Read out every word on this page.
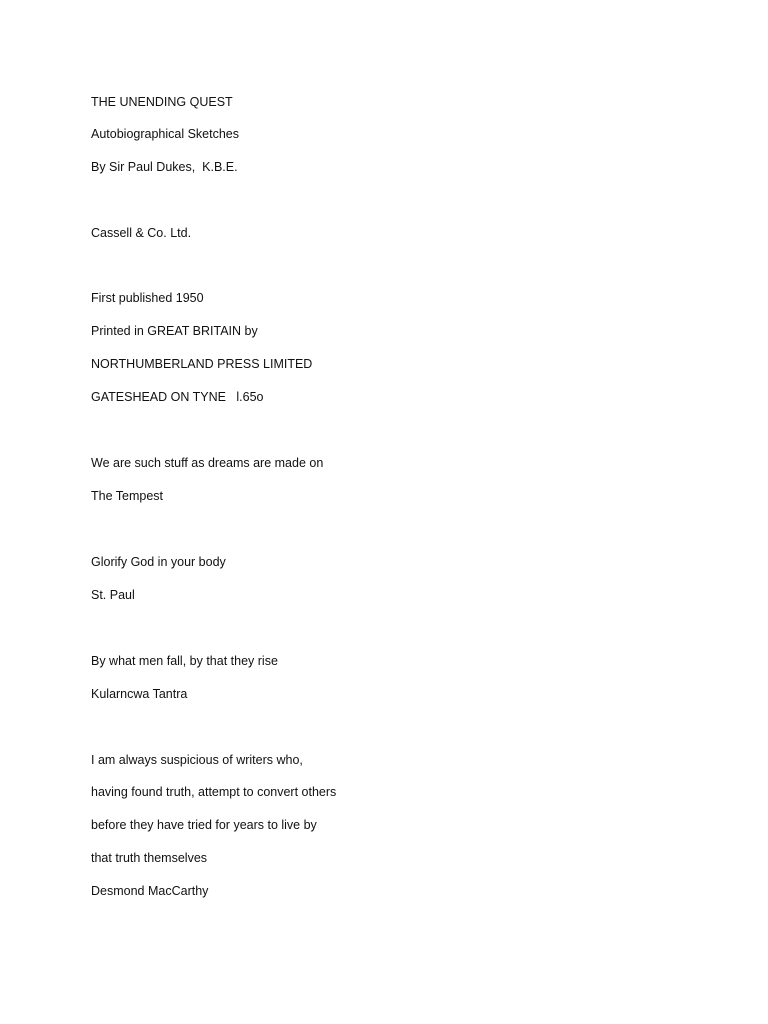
THE UNENDING QUEST
Autobiographical Sketches
By Sir Paul Dukes,  K.B.E.
Cassell & Co. Ltd.
First published 1950
Printed in GREAT BRITAIN by
NORTHUMBERLAND PRESS LIMITED
GATESHEAD ON TYNE   l.65o
We are such stuff as dreams are made on
The Tempest
Glorify God in your body
St. Paul
By what men fall, by that they rise
Kularncwa Tantra
I am always suspicious of writers who,
having found truth, attempt to convert others
before they have tried for years to live by
that truth themselves
Desmond MacCarthy
